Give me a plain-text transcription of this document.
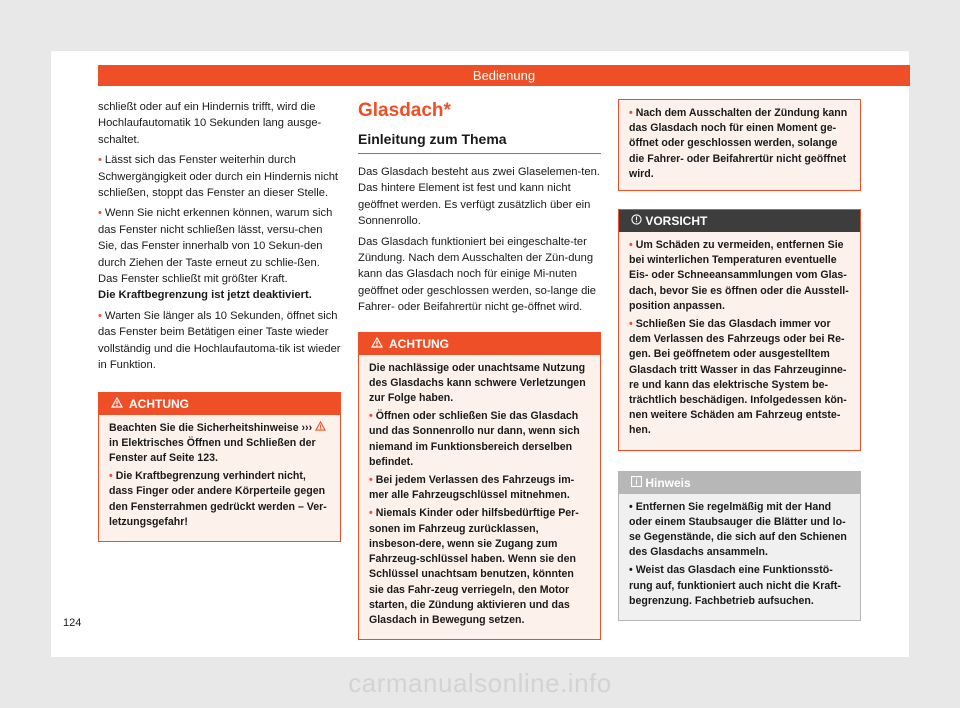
Bedienung

schließt oder auf ein Hindernis trifft, wird die Hochlaufautomatik 10 Sekunden lang ausge-schaltet.

• Lässt sich das Fenster weiterhin durch Schwergängigkeit oder durch ein Hindernis nicht schließen, stoppt das Fenster an dieser Stelle.

• Wenn Sie nicht erkennen können, warum sich das Fenster nicht schließen lässt, versu-chen Sie, das Fenster innerhalb von 10 Sekun-den durch Ziehen der Taste erneut zu schlie-ßen. Das Fenster schließt mit größter Kraft.

Die Kraftbegrenzung ist jetzt deaktiviert.

• Warten Sie länger als 10 Sekunden, öffnet sich das Fenster beim Betätigen einer Taste wieder vollständig und die Hochlaufautoma-tik ist wieder in Funktion.

ACHTUNG

Beachten Sie die Sicherheitshinweise ›››  in Elektrisches Öffnen und Schließen der Fenster auf Seite 123.

• Die Kraftbegrenzung verhindert nicht, dass Finger oder andere Körperteile gegen den Fensterrahmen gedrückt werden – Ver-letzungsgefahr!

Glasdach*
Einleitung zum Thema

Das Glasdach besteht aus zwei Glaselemen-ten. Das hintere Element ist fest und kann nicht geöffnet werden. Es verfügt zusätzlich über ein Sonnenrollo.

Das Glasdach funktioniert bei eingeschalte-ter Zündung. Nach dem Ausschalten der Zün-dung kann das Glasdach noch für einige Mi-nuten geöffnet oder geschlossen werden, so-lange die Fahrer- oder Beifahrertür nicht ge-öffnet wird.

ACHTUNG

Die nachlässige oder unachtsame Nutzung des Glasdachs kann schwere Verletzungen zur Folge haben.

• Öffnen oder schließen Sie das Glasdach und das Sonnenrollo nur dann, wenn sich niemand im Funktionsbereich derselben befindet.

• Bei jedem Verlassen des Fahrzeugs im-mer alle Fahrzeugschlüssel mitnehmen.

• Niemals Kinder oder hilfsbedürftige Per-sonen im Fahrzeug zurücklassen, insbeson-dere, wenn sie Zugang zum Fahrzeug-schlüssel haben. Wenn sie den Schlüssel unachtsam benutzen, könnten sie das Fahr-zeug verriegeln, den Motor starten, die Zündung aktivieren und das Glasdach in Bewegung setzen.

• Nach dem Ausschalten der Zündung kann das Glasdach noch für einen Moment ge-öffnet oder geschlossen werden, solange die Fahrer- oder Beifahrertür nicht geöffnet wird.

VORSICHT

• Um Schäden zu vermeiden, entfernen Sie bei winterlichen Temperaturen eventuelle Eis- oder Schneeansammlungen vom Glas-dach, bevor Sie es öffnen oder die Ausstell-position anpassen.

• Schließen Sie das Glasdach immer vor dem Verlassen des Fahrzeugs oder bei Re-gen. Bei geöffnetem oder ausgestelltem Glasdach tritt Wasser in das Fahrzeuginne-re und kann das elektrische System be-trächtlich beschädigen. Infolgedessen kön-nen weitere Schäden am Fahrzeug entste-hen.

Hinweis

• Entfernen Sie regelmäßig mit der Hand oder einem Staubsauger die Blätter und lo-se Gegenstände, die sich auf den Schienen des Glasdachs ansammeln.

• Weist das Glasdach eine Funktionsstö-rung auf, funktioniert auch nicht die Kraft-begrenzung. Fachbetrieb aufsuchen.

124
carmanualsonline.info
